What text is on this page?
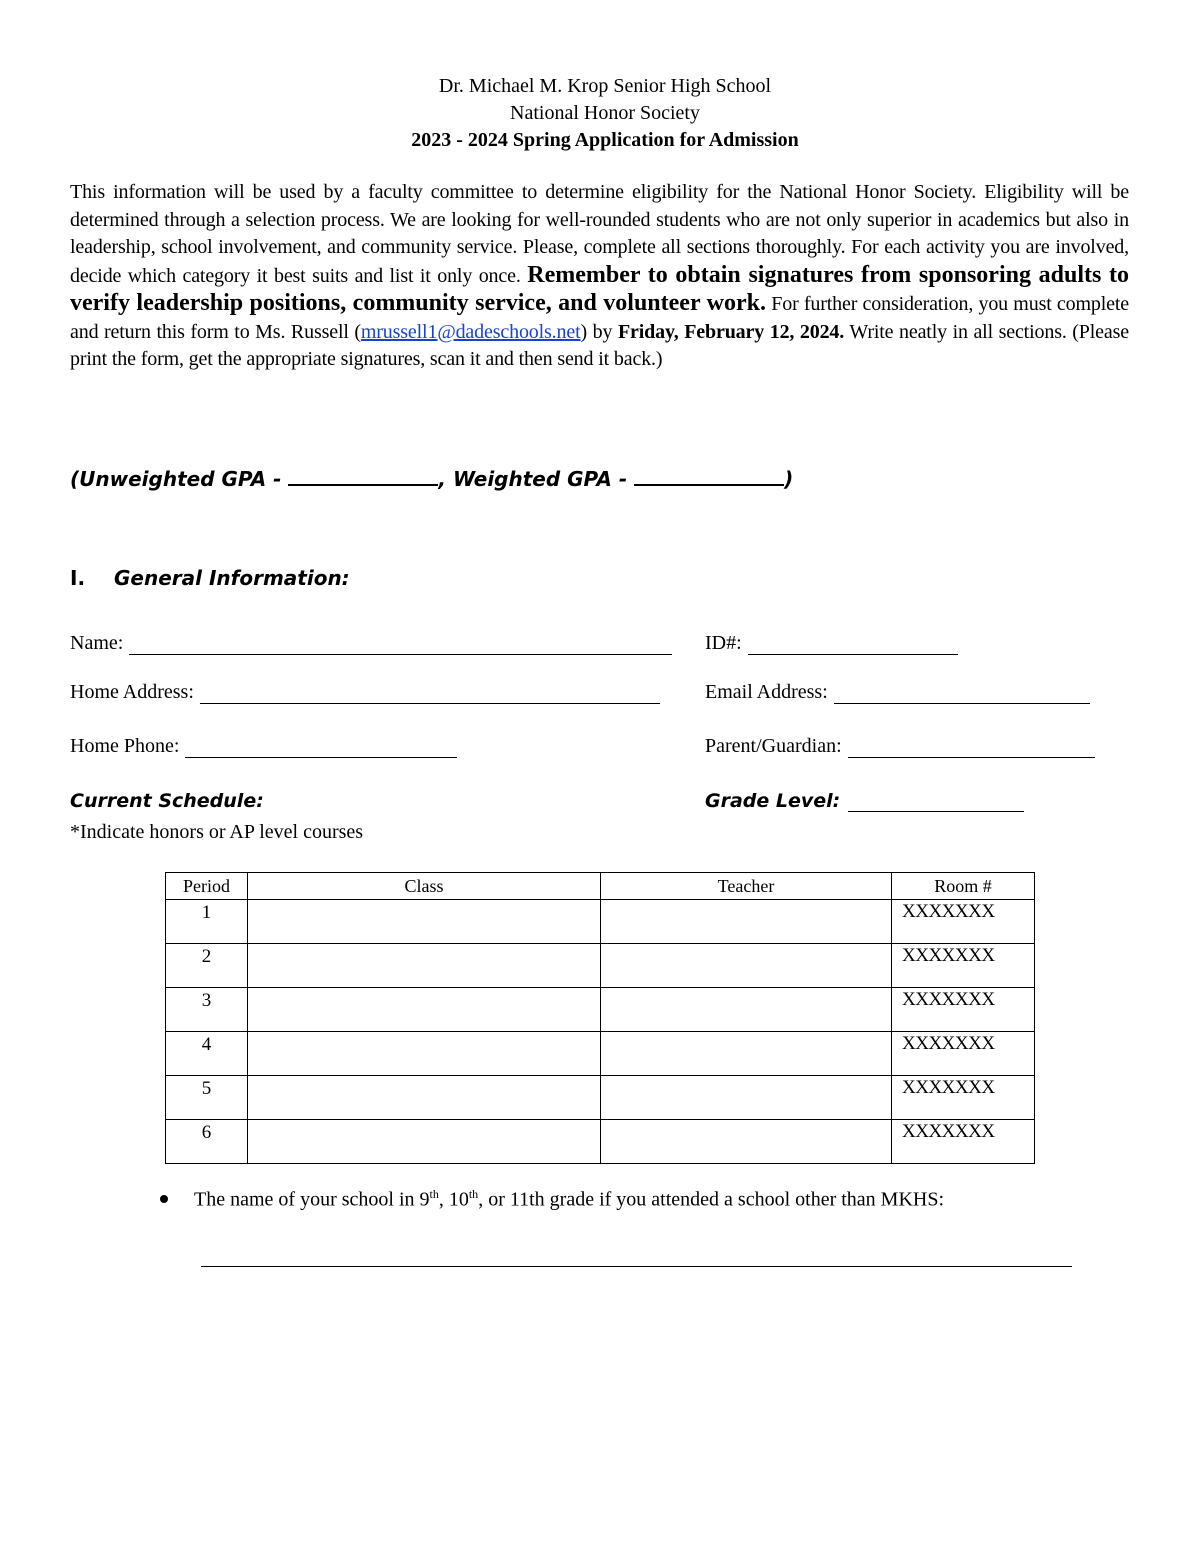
Dr. Michael M. Krop Senior High School
National Honor Society
2023 - 2024 Spring Application for Admission
This information will be used by a faculty committee to determine eligibility for the National Honor Society. Eligibility will be determined through a selection process. We are looking for well-rounded students who are not only superior in academics but also in leadership, school involvement, and community service. Please, complete all sections thoroughly. For each activity you are involved, decide which category it best suits and list it only once. Remember to obtain signatures from sponsoring adults to verify leadership positions, community service, and volunteer work. For further consideration, you must complete and return this form to Ms. Russell (mrussell1@dadeschools.net) by Friday, February 12, 2024. Write neatly in all sections. (Please print the form, get the appropriate signatures, scan it and then send it back.)
(Unweighted GPA -	, Weighted GPA -	)
I. General Information:
Name:	ID#:
Home Address:	Email Address:
Home Phone:	Parent/Guardian:
Current Schedule:	Grade Level:
*Indicate honors or AP level courses
Period	Class	Teacher	Room #
1			XXXXXXX
2			XXXXXXX
3			XXXXXXX
4			XXXXXXX
5			XXXXXXX
6			XXXXXXX
The name of your school in 9th, 10th, or 11th grade if you attended a school other than MKHS:
